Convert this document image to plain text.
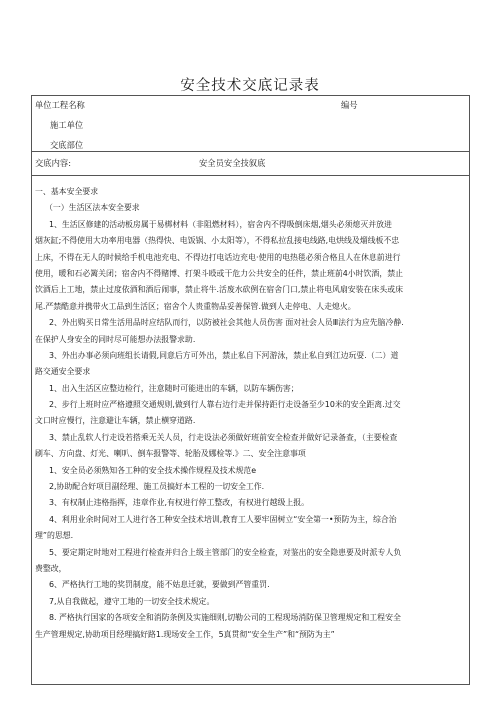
安全技术交底记录表
单位工程名称	编号
施工单位
交底部位
交底内容:	安全员安全技叙底
一、基本安全要求
（一）生活区法本安全要求
1、生活区修建的活动板房属于易梆材料（非阻燃材料），宿舍内不得吸倒床烟,烟头必须熄灭并放进
烟灰缸;不得使用大功率用电器（热得快、电饭锅、小太阳等），不得私拉乱接电线路,电烘线及熘线板不忠
上床，不得在无人的时候给手机电池充电、不得边打电话边充电·使用的电热毯必须合格且人在休息前进行
使用，暖和石必篱关闭；宿舍内不得赌博、打架斗殴或干危力公共安全的任件，禁止班前4小时饮酒，禁止
饮酒后上工地，禁止过度依酒和酒后闹事，禁止将牛.活废水砍例在宿舍门口,禁止将电风扇安装在床头或床
尾.严禁酷意并携带火工品到生活区；宿舍个人贵重物品妥善保管.做到人走停电、人走熄火。
2、外出购买日常生活用品时应结队而行，以防被社会其他人员伤害 面对社会人员Ⅲ法行为应先脑冷静.
在保护人身安全的同时尽可能想办法报警求助.
3、外出办事必须向班组长请假,同意后方可外出，禁止私自下河游泳，禁止私自到江边玩耍.（二）道
路交通安全要求
1、出入生活区应整边检行，注意随时可能进出的车辆，以防车辆伤害；
2、步行上班时应严格遵照交通规则,做到行人靠右边行走并保持距行走设备至少10米的安全距离.过交
文口时应慢行，注意避让车辆，禁止横穿道路.
3、禁止乱软人行走设若搭乘无关人员，行走设法必须做好班前安全检查并做好记录备查，（主要检查
刷车、方向盘、灯光、喇叭、倒车报警等、轮胎及娜检等.》二、安全注意事项
1、安全员必须熟知各工种的安全技术操作规程及技术规范e
2,协助配合好项目副经理、施工员搞好本工程的一切安全工作.
3、有权制止违格指挥，违章作业,有权进行停工整改，有权进行越级上报。
4、利用业余时间对工人进行各工种安全技术培训,教育工人要牢固树立“安全第一•预防为主，综合治
理”的思想.
5、要定期定时地对工程进行检查并归合上级主管部门的安全检查，对鉴出的安全隐患要及时派专人负
费整改，
6、严格执行工地的奖罚制度，能不姑息迁就，要做到严管重罚.
7,从自我做起，遵守工地的一切安全技术规定。
8. 严格执行国家的各项安全和消防条例及实施细则,切勒公司的工程现场消防保卫管理规定和工程安全
生产管理规定,协助项目经理搞好路1.现场安全工作，5真贯彻“安全生产”和“预防为主”
